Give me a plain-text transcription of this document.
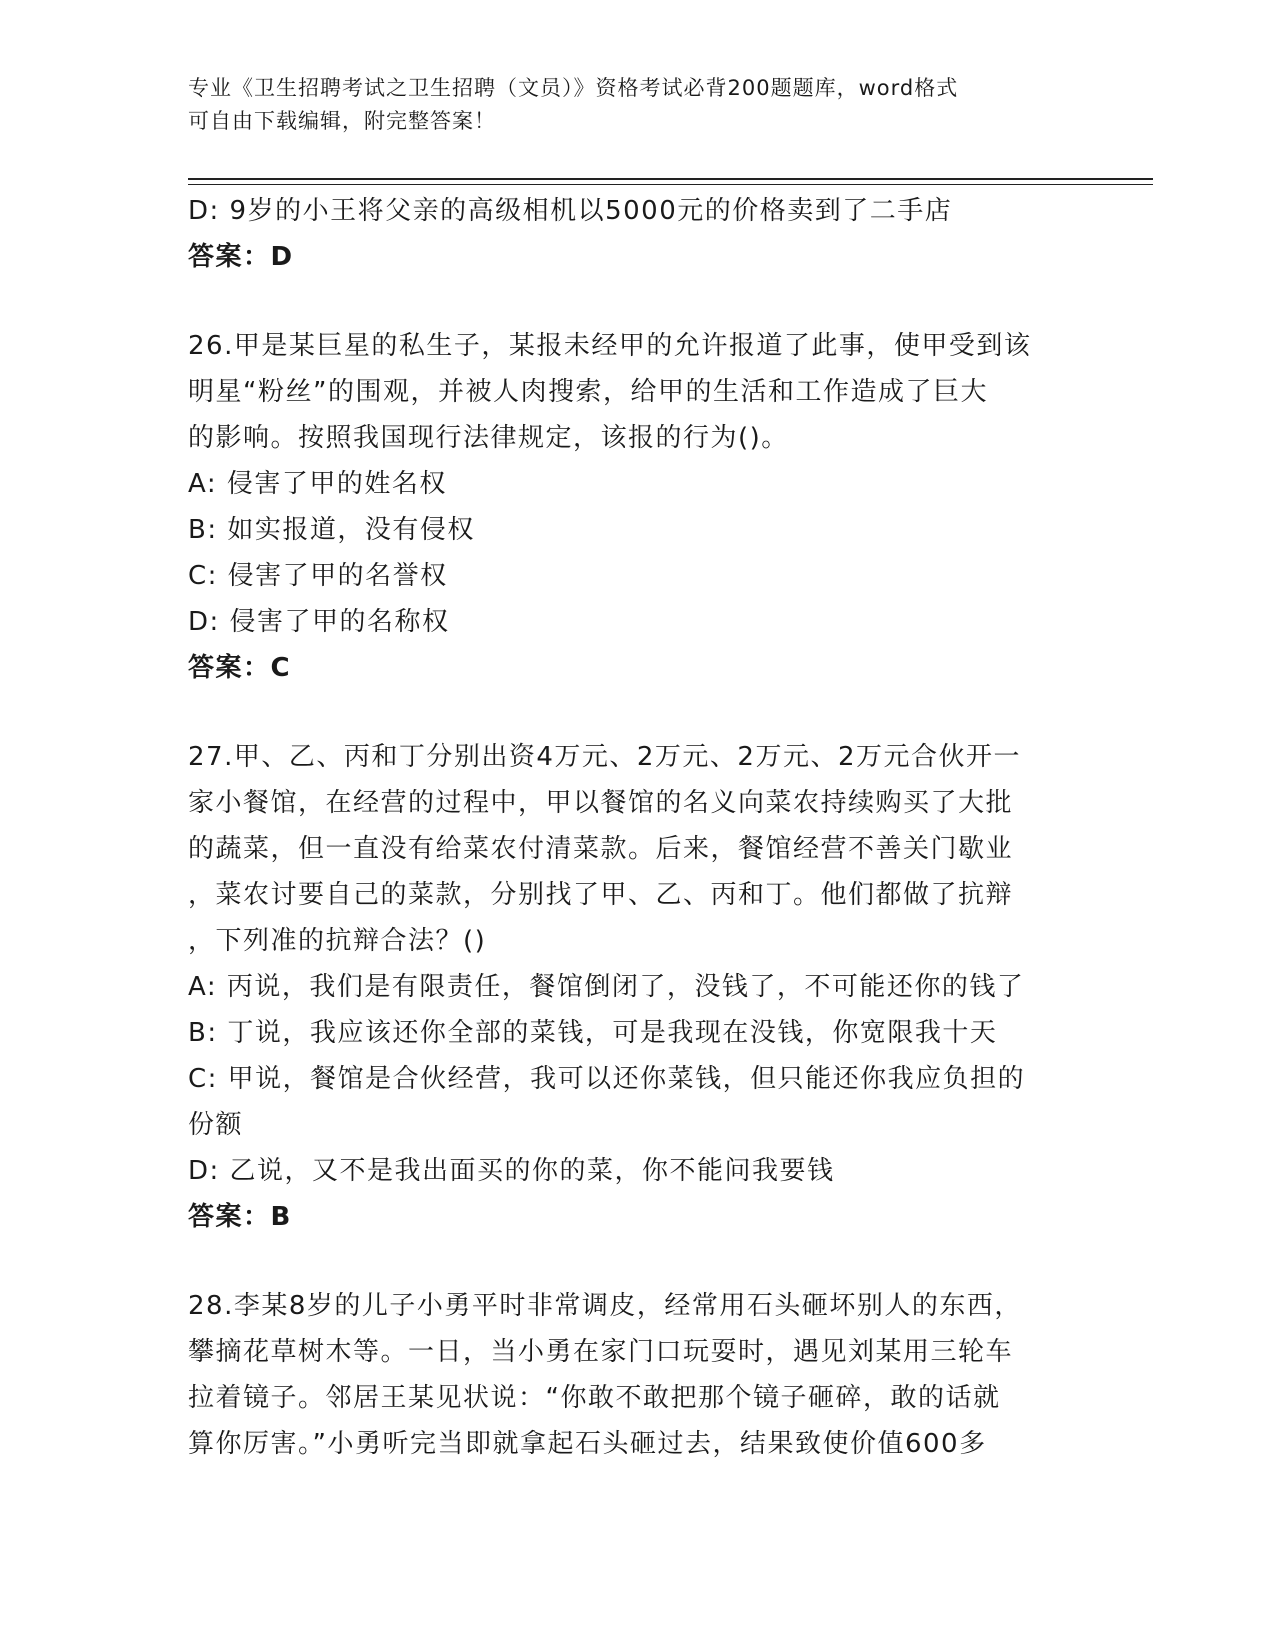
专业《卫生招聘考试之卫生招聘（文员）》资格考试必背200题题库，word格式
可自由下载编辑，附完整答案！
D: 9岁的小王将父亲的高级相机以5000元的价格卖到了二手店
答案：D
26.甲是某巨星的私生子，某报未经甲的允许报道了此事，使甲受到该
明星“粉丝”的围观，并被人肉搜索，给甲的生活和工作造成了巨大
的影响。按照我国现行法律规定，该报的行为()。
A: 侵害了甲的姓名权
B: 如实报道，没有侵权
C: 侵害了甲的名誉权
D: 侵害了甲的名称权
答案：C
27.甲、乙、丙和丁分别出资4万元、2万元、2万元、2万元合伙开一
家小餐馆，在经营的过程中，甲以餐馆的名义向菜农持续购买了大批
的蔬菜，但一直没有给菜农付清菜款。后来，餐馆经营不善关门歇业
，菜农讨要自己的菜款，分别找了甲、乙、丙和丁。他们都做了抗辩
，下列准的抗辩合法？()
A: 丙说，我们是有限责任，餐馆倒闭了，没钱了，不可能还你的钱了
B: 丁说，我应该还你全部的菜钱，可是我现在没钱，你宽限我十天
C: 甲说，餐馆是合伙经营，我可以还你菜钱，但只能还你我应负担的
份额
D: 乙说，又不是我出面买的你的菜，你不能问我要钱
答案：B
28.李某8岁的儿子小勇平时非常调皮，经常用石头砸坏别人的东西，
攀摘花草树木等。一日，当小勇在家门口玩耍时，遇见刘某用三轮车
拉着镜子。邻居王某见状说：“你敢不敢把那个镜子砸碎，敢的话就
算你厉害。”小勇听完当即就拿起石头砸过去，结果致使价值600多
